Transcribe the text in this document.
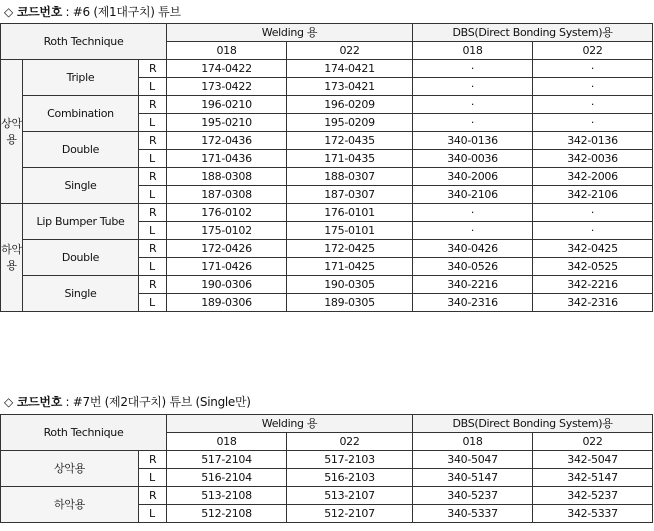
◇ 코드번호 : #6 (제1대구치) 튜브
Roth Technique			Welding 용		DBS(Direct Bonding System)용	
			018	022	018	022
상악용	Triple	R	174-0422	174-0421	·	·
		L	173-0422	173-0421	·	·
	Combination	R	196-0210	196-0209	·	·
		L	195-0210	195-0209	·	·
	Double	R	172-0436	172-0435	340-0136	342-0136
		L	171-0436	171-0435	340-0036	342-0036
	Single	R	188-0308	188-0307	340-2006	342-2006
		L	187-0308	187-0307	340-2106	342-2106
하악용	Lip Bumper Tube	R	176-0102	176-0101	·	·
		L	175-0102	175-0101	·	·
	Double	R	172-0426	172-0425	340-0426	342-0425
		L	171-0426	171-0425	340-0526	342-0525
	Single	R	190-0306	190-0305	340-2216	342-2216
		L	189-0306	189-0305	340-2316	342-2316
◇ 코드번호 : #7번 (제2대구치) 튜브 (Single만)
Roth Technique		Welding 용		DBS(Direct Bonding System)용	
		018	022	018	022
상악용	R	517-2104	517-2103	340-5047	342-5047
	L	516-2104	516-2103	340-5147	342-5147
하악용	R	513-2108	513-2107	340-5237	342-5237
	L	512-2108	512-2107	340-5337	342-5337
